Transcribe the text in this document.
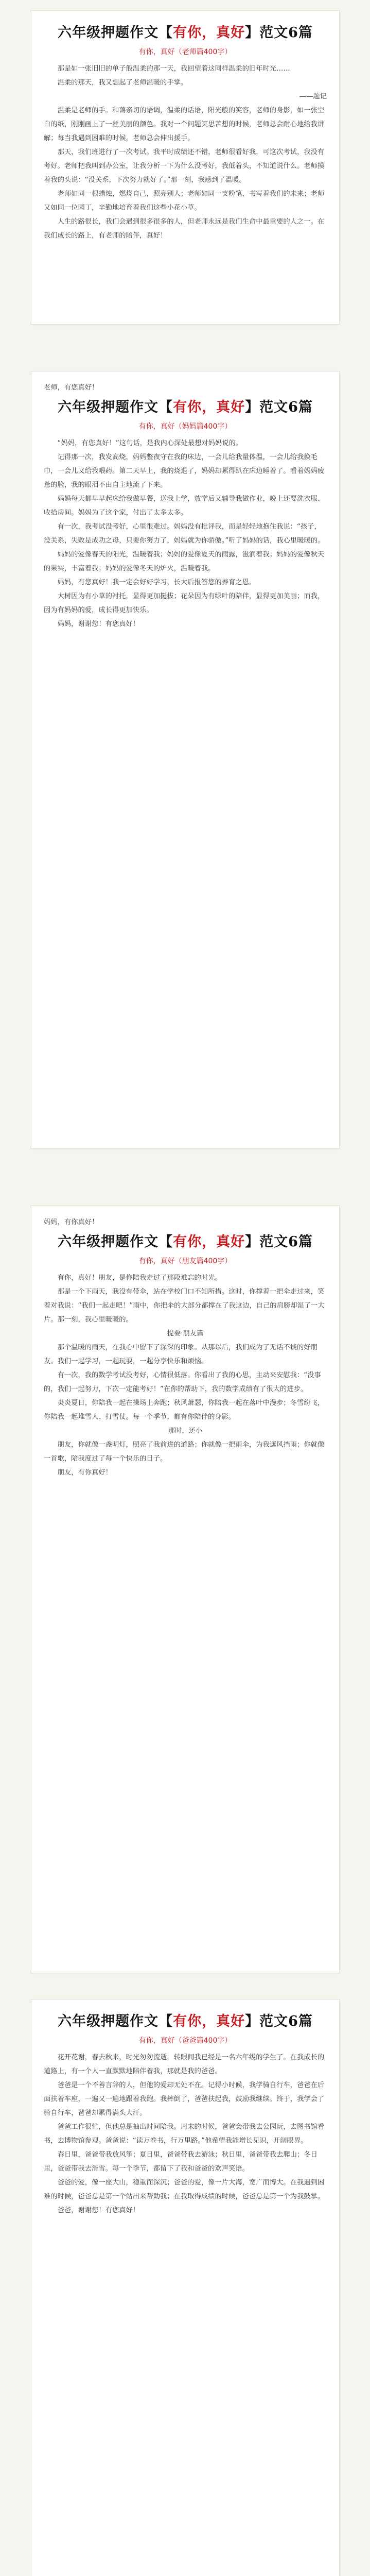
六年级押题作文【有你，真好】范文6篇
有你，真好（老师篇400字）

那是如一张旧旧的单子般温柔的那一天，我回望着这同样温柔的旧年时光……

温柔的那天，我又想起了老师温暖的手掌。

——题记

温柔是老师的手。和蔼亲切的语调，温柔的话语，阳光般的笑容，老师的身影，如一张空白的纸，刚刚画上了一丝美丽的颜色。我对一个问题冥思苦想的时候，老师总会耐心地给我讲解；每当我遇到困难的时候，老师总会伸出援手。

那天，我们班进行了一次考试。我平时成绩还不错，老师很看好我，可这次考试，我没有考好。老师把我叫到办公室，让我分析一下为什么没考好，我低着头，不知道说什么。老师摸着我的头说：“没关系，下次努力就好了。”那一刻，我感到了温暖。

老师如同一根蜡烛，燃烧自己，照亮别人；老师如同一支粉笔，书写着我们的未来；老师又如同一位园丁，辛勤地培育着我们这些小花小草。

人生的路很长，我们会遇到很多很多的人，但老师永远是我们生命中最重要的人之一。在我们成长的路上，有老师的陪伴，真好！

老师，有您真好！

六年级押题作文【有你，真好】范文6篇
有你，真好（妈妈篇400字）

“妈妈，有您真好！”这句话，是我内心深处最想对妈妈说的。

记得那一次，我发高烧，妈妈整夜守在我的床边，一会儿给我量体温，一会儿给我换毛巾，一会儿又给我喂药。第二天早上，我的烧退了，妈妈却累得趴在床边睡着了。看着妈妈疲惫的脸，我的眼泪不由自主地流了下来。

妈妈每天都早早起床给我做早餐，送我上学，放学后又辅导我做作业，晚上还要洗衣服、收拾房间。妈妈为了这个家，付出了太多太多。

有一次，我考试没考好，心里很难过。妈妈没有批评我，而是轻轻地抱住我说：“孩子，没关系，失败是成功之母，只要你努力了，妈妈就为你骄傲。”听了妈妈的话，我心里暖暖的。

妈妈的爱像春天的阳光，温暖着我；妈妈的爱像夏天的雨露，滋润着我；妈妈的爱像秋天的果实，丰富着我；妈妈的爱像冬天的炉火，温暖着我。

妈妈，有您真好！我一定会好好学习，长大后报答您的养育之恩。

大树因为有小草的衬托，显得更加挺拔；花朵因为有绿叶的陪伴，显得更加美丽；而我，因为有妈妈的爱，成长得更加快乐。

妈妈，谢谢您！有您真好！

妈妈，有你真好！

六年级押题作文【有你，真好】范文6篇
有你，真好（朋友篇400字）

有你，真好！朋友，是你陪我走过了那段难忘的时光。

那是一个下雨天，我没有带伞，站在学校门口不知所措。这时，你撑着一把伞走过来，笑着对我说：“我们一起走吧！”雨中，你把伞的大部分都撑在了我这边，自己的肩膀却湿了一大片。那一刻，我心里暖暖的。

提要·朋友篇

那个温暖的雨天，在我心中留下了深深的印象。从那以后，我们成为了无话不谈的好朋友。我们一起学习，一起玩耍，一起分享快乐和烦恼。

有一次，我的数学考试没考好，心情很低落。你看出了我的心思，主动来安慰我：“没事的，我们一起努力，下次一定能考好！”在你的帮助下，我的数学成绩有了很大的进步。

炎炎夏日，你陪我一起在操场上奔跑；秋风萧瑟，你陪我一起在落叶中漫步；冬雪纷飞，你陪我一起堆雪人、打雪仗。每一个季节，都有你陪伴的身影。

那时，还小

朋友，你就像一盏明灯，照亮了我前进的道路；你就像一把雨伞，为我遮风挡雨；你就像一首歌，陪我度过了每一个快乐的日子。

朋友，有你真好！

六年级押题作文【有你，真好】范文6篇
有你，真好（爸爸篇400字）

花开花谢，春去秋来，时光匆匆流逝，转眼间我已经是一名六年级的学生了。在我成长的道路上，有一个人一直默默地陪伴着我，那就是我的爸爸。

爸爸是一个不善言辞的人，但他的爱却无处不在。记得小时候，我学骑自行车，爸爸在后面扶着车座，一遍又一遍地跟着我跑。我摔倒了，爸爸扶起我，鼓励我继续。终于，我学会了骑自行车，爸爸却累得满头大汗。

爸爸工作很忙，但他总是抽出时间陪我。周末的时候，爸爸会带我去公园玩，去图书馆看书，去博物馆参观。爸爸说：“读万卷书，行万里路。”他希望我能增长见识，开阔眼界。

春日里，爸爸带我放风筝；夏日里，爸爸带我去游泳；秋日里，爸爸带我去爬山；冬日里，爸爸带我去滑雪。每一个季节，都留下了我和爸爸的欢声笑语。

爸爸的爱，像一座大山，稳重而深沉；爸爸的爱，像一片大海，宽广而博大。在我遇到困难的时候，爸爸总是第一个站出来帮助我；在我取得成绩的时候，爸爸总是第一个为我鼓掌。

爸爸，谢谢您！有您真好！
